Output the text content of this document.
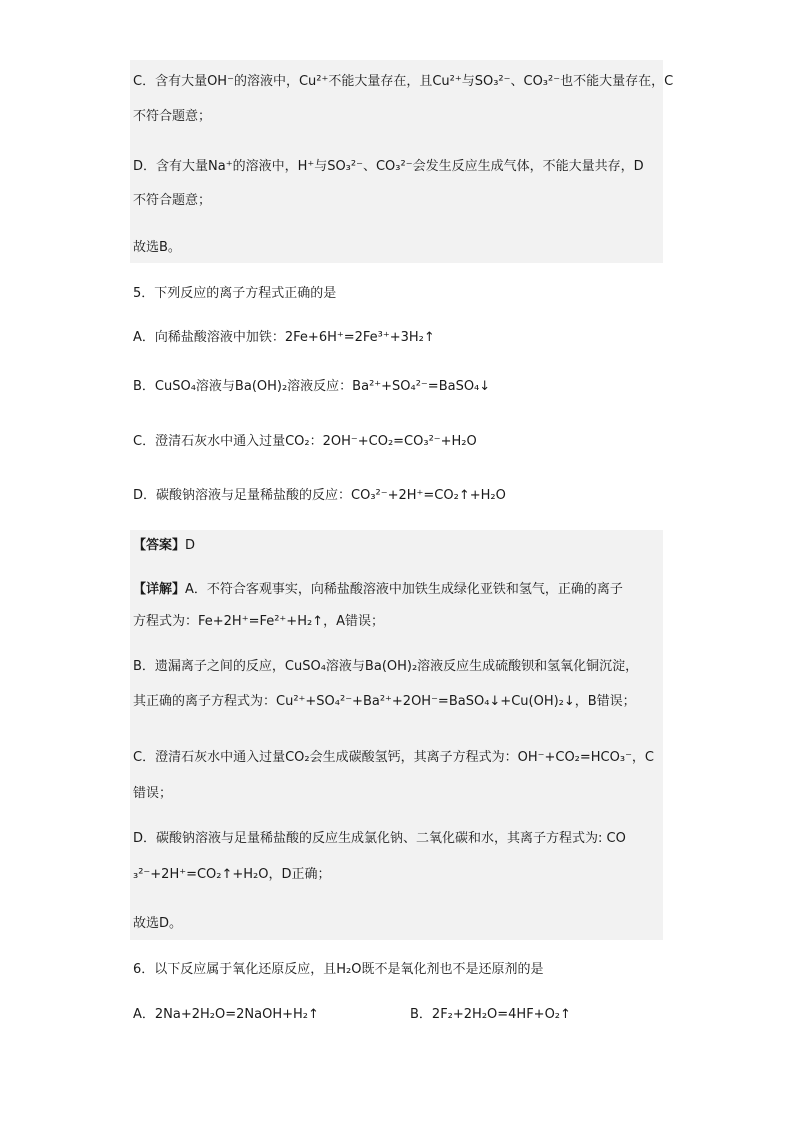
C．含有大量OH⁻的溶液中，Cu²⁺不能大量存在，且Cu²⁺与SO₃²⁻、CO₃²⁻也不能大量存在，C
不符合题意；
D．含有大量Na⁺的溶液中，H⁺与SO₃²⁻、CO₃²⁻会发生反应生成气体，不能大量共存，D
不符合题意；
故选B。
5．下列反应的离子方程式正确的是
A．向稀盐酸溶液中加铁：2Fe+6H⁺=2Fe³⁺+3H₂↑
B．CuSO₄溶液与Ba(OH)₂溶液反应：Ba²⁺+SO₄²⁻=BaSO₄↓
C．澄清石灰水中通入过量CO₂：2OH⁻+CO₂=CO₃²⁻+H₂O
D．碳酸钠溶液与足量稀盐酸的反应：CO₃²⁻+2H⁺=CO₂↑+H₂O
【答案】D
【详解】A．不符合客观事实，向稀盐酸溶液中加铁生成绿化亚铁和氢气，正确的离子
方程式为：Fe+2H⁺=Fe²⁺+H₂↑，A错误；
B．遗漏离子之间的反应，CuSO₄溶液与Ba(OH)₂溶液反应生成硫酸钡和氢氧化铜沉淀，
其正确的离子方程式为：Cu²⁺+SO₄²⁻+Ba²⁺+2OH⁻=BaSO₄↓+Cu(OH)₂↓，B错误；
C．澄清石灰水中通入过量CO₂会生成碳酸氢钙，其离子方程式为：OH⁻+CO₂=HCO₃⁻，C
错误；
D．碳酸钠溶液与足量稀盐酸的反应生成氯化钠、二氧化碳和水，其离子方程式为: CO
₃²⁻+2H⁺=CO₂↑+H₂O，D正确；
故选D。
6．以下反应属于氧化还原反应，且H₂O既不是氧化剂也不是还原剂的是
A．2Na+2H₂O=2NaOH+H₂↑	B．2F₂+2H₂O=4HF+O₂↑
